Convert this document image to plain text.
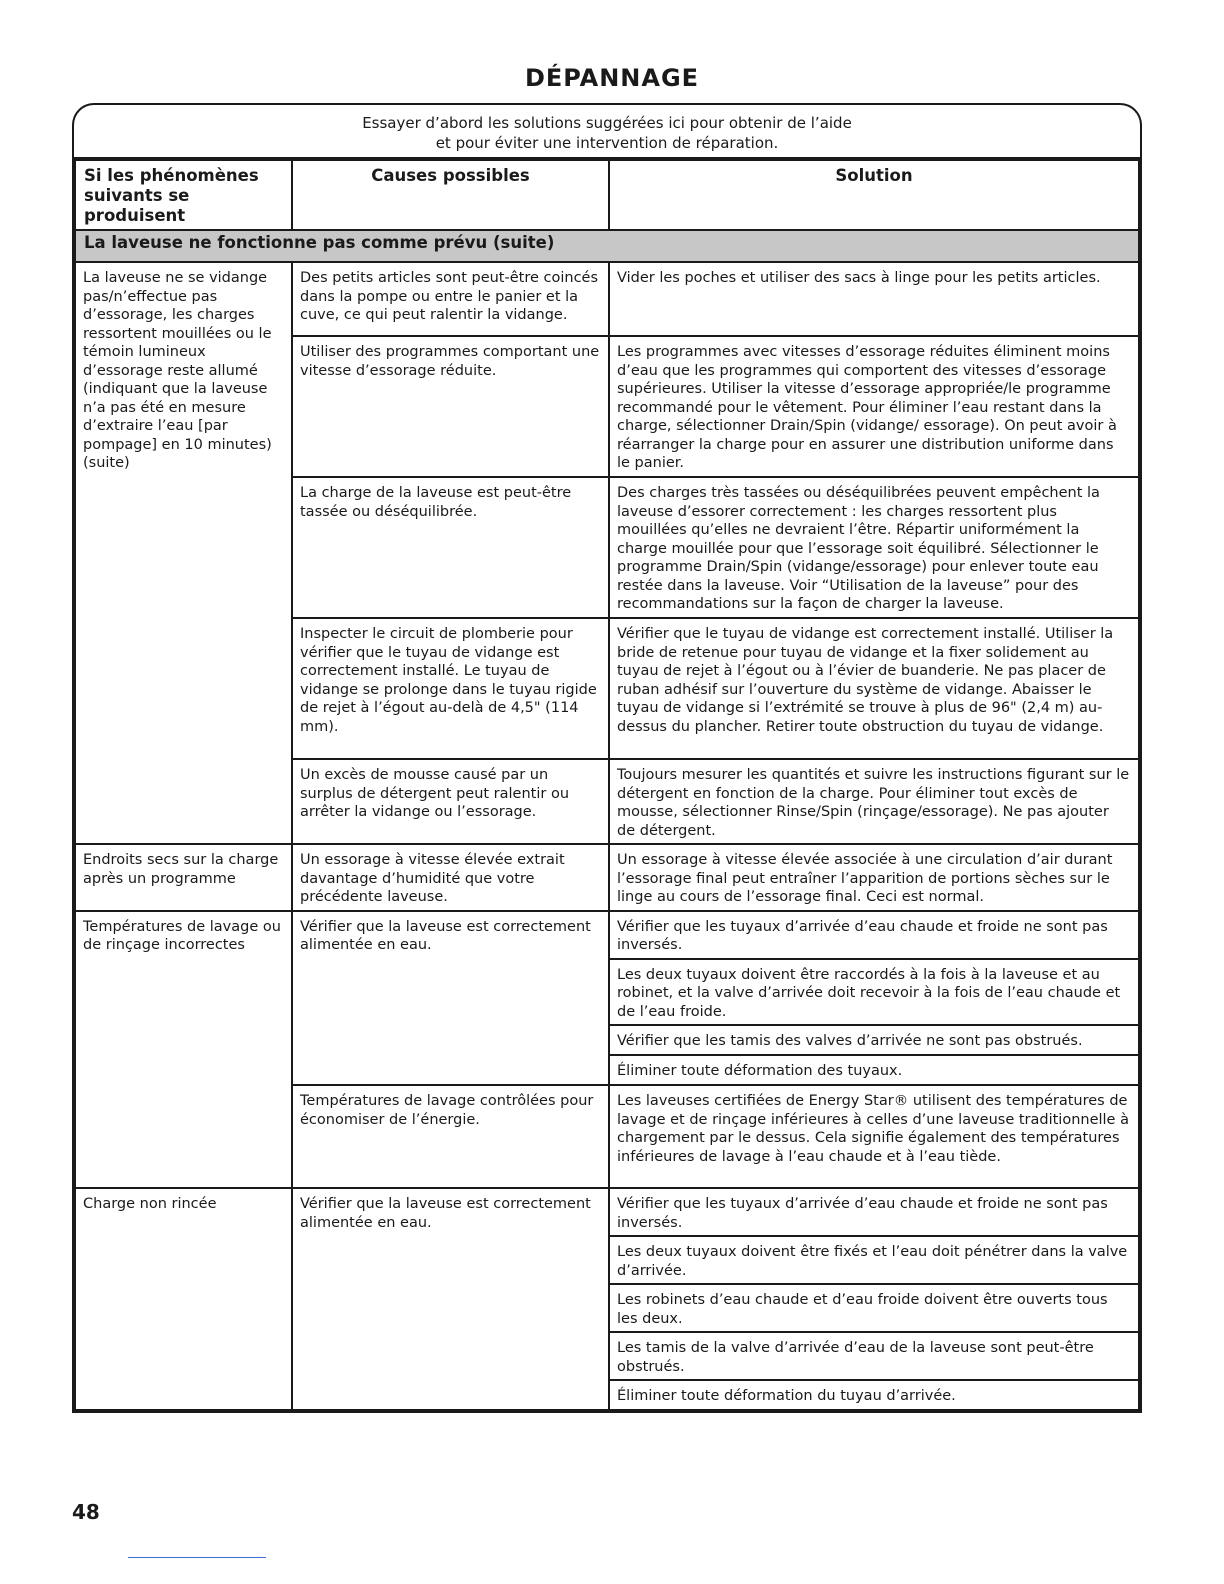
DÉPANNAGE
Essayer d’abord les solutions suggérées ici pour obtenir de l’aide
et pour éviter une intervention de réparation.
Si les phénomènes suivants se produisent	Causes possibles	Solution
La laveuse ne fonctionne pas comme prévu (suite)		
La laveuse ne se vidange pas/n’effectue pas d’essorage, les charges ressortent mouillées ou le témoin lumineux d’essorage reste allumé (indiquant que la laveuse n’a pas été en mesure d’extraire l’eau [par pompage] en 10 minutes) (suite)	Des petits articles sont peut-être coincés dans la pompe ou entre le panier et la cuve, ce qui peut ralentir la vidange.	Vider les poches et utiliser des sacs à linge pour les petits articles.
	Utiliser des programmes comportant une vitesse d’essorage réduite.	Les programmes avec vitesses d’essorage réduites éliminent moins d’eau que les programmes qui comportent des vitesses d’essorage supérieures. Utiliser la vitesse d’essorage appropriée/le programme recommandé pour le vêtement. Pour éliminer l’eau restant dans la charge, sélectionner Drain/Spin (vidange/ essorage). On peut avoir à réarranger la charge pour en assurer une distribution uniforme dans le panier.
	La charge de la laveuse est peut-être tassée ou déséquilibrée.	Des charges très tassées ou déséquilibrées peuvent empêchent la laveuse d’essorer correctement : les charges ressortent plus mouillées qu’elles ne devraient l’être. Répartir uniformément la charge mouillée pour que l’essorage soit équilibré. Sélectionner le programme Drain/Spin (vidange/essorage) pour enlever toute eau restée dans la laveuse. Voir “Utilisation de la laveuse” pour des recommandations sur la façon de charger la laveuse.
	Inspecter le circuit de plomberie pour vérifier que le tuyau de vidange est correctement installé. Le tuyau de vidange se prolonge dans le tuyau rigide de rejet à l’égout au-delà de 4,5" (114 mm).	Vérifier que le tuyau de vidange est correctement installé. Utiliser la bride de retenue pour tuyau de vidange et la fixer solidement au tuyau de rejet à l’égout ou à l’évier de buanderie. Ne pas placer de ruban adhésif sur l’ouverture du système de vidange. Abaisser le tuyau de vidange si l’extrémité se trouve à plus de 96" (2,4 m) au-dessus du plancher. Retirer toute obstruction du tuyau de vidange.
	Un excès de mousse causé par un surplus de détergent peut ralentir ou arrêter la vidange ou l’essorage.	Toujours mesurer les quantités et suivre les instructions figurant sur le détergent en fonction de la charge. Pour éliminer tout excès de mousse, sélectionner Rinse/Spin (rinçage/essorage). Ne pas ajouter de détergent.
Endroits secs sur la charge après un programme	Un essorage à vitesse élevée extrait davantage d’humidité que votre précédente laveuse.	Un essorage à vitesse élevée associée à une circulation d’air durant l’essorage final peut entraîner l’apparition de portions sèches sur le linge au cours de l’essorage final. Ceci est normal.
Températures de lavage ou de rinçage incorrectes	Vérifier que la laveuse est correctement alimentée en eau.	Vérifier que les tuyaux d’arrivée d’eau chaude et froide ne sont pas inversés.
		Les deux tuyaux doivent être raccordés à la fois à la laveuse et au robinet, et la valve d’arrivée doit recevoir à la fois de l’eau chaude et de l’eau froide.
		Vérifier que les tamis des valves d’arrivée ne sont pas obstrués.
		Éliminer toute déformation des tuyaux.
	Températures de lavage contrôlées pour économiser de l’énergie.	Les laveuses certifiées de Energy Star® utilisent des températures de lavage et de rinçage inférieures à celles d’une laveuse traditionnelle à chargement par le dessus. Cela signifie également des températures inférieures de lavage à l’eau chaude et à l’eau tiède.
Charge non rincée	Vérifier que la laveuse est correctement alimentée en eau.	Vérifier que les tuyaux d’arrivée d’eau chaude et froide ne sont pas inversés.
		Les deux tuyaux doivent être fixés et l’eau doit pénétrer dans la valve d’arrivée.
		Les robinets d’eau chaude et d’eau froide doivent être ouverts tous les deux.
		Les tamis de la valve d’arrivée d’eau de la laveuse sont peut-être obstrués.
		Éliminer toute déformation du tuyau d’arrivée.
48
